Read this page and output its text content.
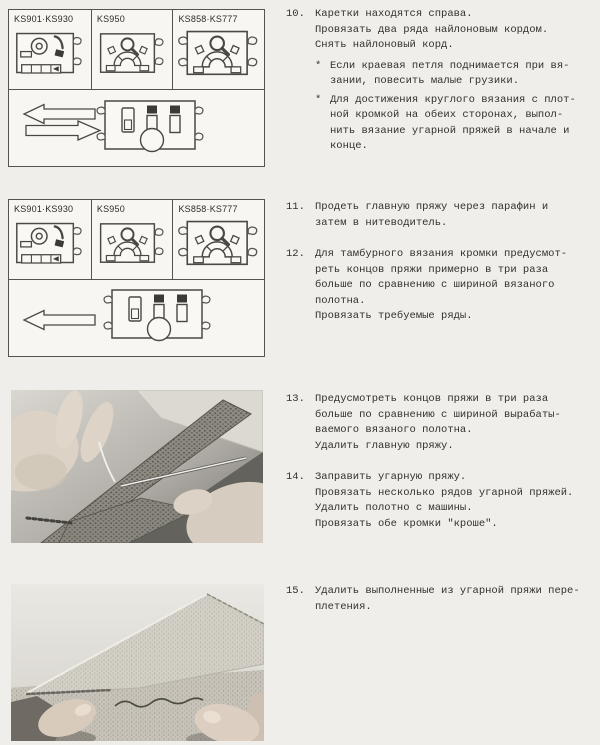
KS901·KS930	KS950	KS858·KS777
KS901·KS930	KS950	KS858·KS777
10. Каретки находятся справа.
Провязать два ряда найлоновым кордом.
Снять найлоновый корд.
* Если краевая петля поднимается при вя-
зании, повесить малые грузики.
* Для достижения круглого вязания с плот-
ной кромкой на обеих сторонах, выпол-
нить вязание угарной пряжей в начале и
конце.
11. Продеть главную пряжу через парафин и
затем в нитеводитель.
12. Для тамбурного вязания кромки предусмот-
реть концов пряжи примерно в три раза
больше по сравнению с шириной вязаного
полотна.
Провязать требуемые ряды.
13. Предусмотреть концов пряжи в три раза
больше по сравнению с шириной вырабаты-
ваемого вязаного полотна.
Удалить главную пряжу.
14. Заправить угарную пряжу.
Провязать несколько рядов угарной пряжей.
Удалить полотно с машины.
Провязать обе кромки "кроше".
15. Удалить выполненные из угарной пряжи пере-
плетения.
